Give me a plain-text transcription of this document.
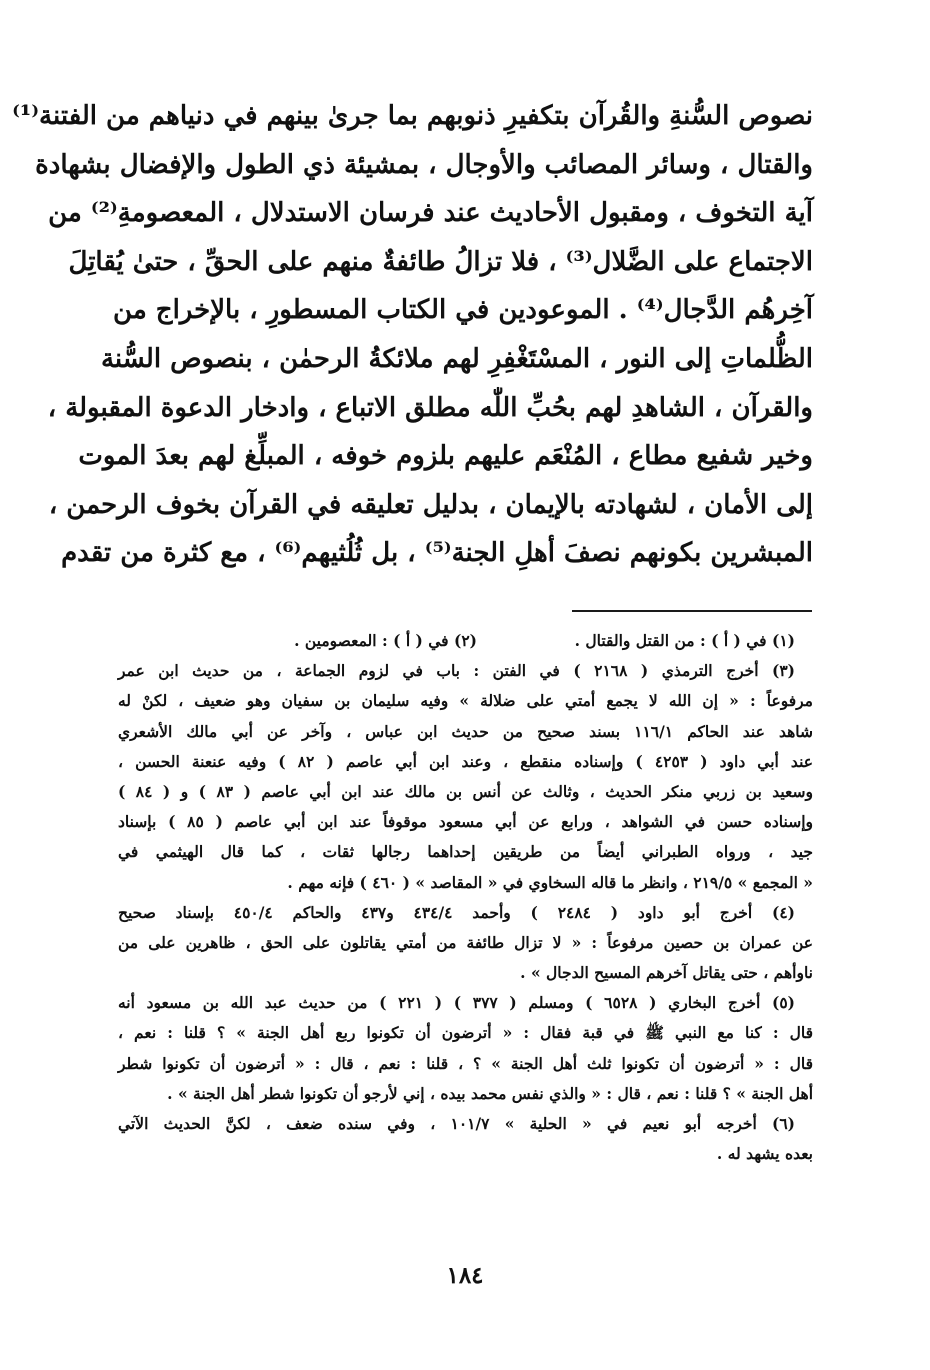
نصوص السُّنةِ والقُرآن بتكفيرِ ذنوبهم بما جرىٰ بينهم في دنياهم من الفتنة⁽¹⁾
والقتال ، وسائر المصائب والأوجال ، بمشيئة ذي الطول والإفضال بشهادة
آية التخوف ، ومقبول الأحاديث عند فرسان الاستدلال ، المعصومةِ⁽²⁾ من
الاجتماع على الضَّلال⁽³⁾ ، فلا تزالُ طائفةٌ منهم على الحقِّ ، حتىٰ يُقاتِلَ
آخِرهُم الدَّجال⁽⁴⁾ . الموعودين في الكتاب المسطورِ ، بالإخراج من
الظُّلماتِ إلى النور ، المسْتَغْفِرِ لهم ملائكةُ الرحمٰن ، بنصوص السُّنة
والقرآن ، الشاهدِ لهم بحُبِّ اللّٰه مطلق الاتباع ، وادخار الدعوة المقبولة ،
وخير شفيع مطاع ، المُنْعَم عليهم بلزوم خوفه ، المبلِّغ لهم بعدَ الموت
إلى الأمان ، لشهادته بالإيمان ، بدليل تعليقه في القرآن بخوف الرحمن ،
المبشرين بكونهم نصفَ أهلِ الجنة⁽⁵⁾ ، بل ثُلُثيهم⁽⁶⁾ ، مع كثرة من تقدم
(١) في ( أ ) : من القتل والقتال .
(٢) في ( أ ) : المعصومين .
(٣) أخرج الترمذي ( ٢١٦٨ ) في الفتن : باب في لزوم الجماعة ، من حديث ابن عمر
مرفوعاً : « إن الله لا يجمع أمتي على ضلالة » وفيه سليمان بن سفيان وهو ضعيف ، لكنْ له
شاهد عند الحاكم ١١٦/١ بسند صحيح من حديث ابن عباس ، وآخر عن أبي مالك الأشعري
عند أبي داود ( ٤٢٥٣ ) وإسناده منقطع ، وعند ابن أبي عاصم ( ٨٢ ) وفيه عنعنة الحسن ،
وسعيد بن زربي منكر الحديث ، وثالث عن أنس بن مالك عند ابن أبي عاصم ( ٨٣ ) و ( ٨٤ )
وإسناده حسن في الشواهد ، ورابع عن أبي مسعود موقوفاً عند ابن أبي عاصم ( ٨٥ ) بإسناد
جيد ، ورواه الطبراني أيضاً من طريقين إحداهما رجالها ثقات ، كما قال الهيثمي في
« المجمع » ٢١٩/٥ ، وانظر ما قاله السخاوي في « المقاصد » ( ٤٦٠ ) فإنه مهم .
(٤) أخرج أبو داود ( ٢٤٨٤ ) وأحمد ٤٣٤/٤ و٤٣٧ والحاكم ٤٥٠/٤ بإسناد صحيح
عن عمران بن حصين مرفوعاً : « لا تزال طائفة من أمتي يقاتلون على الحق ، ظاهرين على من
ناوأهم ، حتى يقاتل آخرهم المسيح الدجال » .
(٥) أخرج البخاري ( ٦٥٢٨ ) ومسلم ( ٣٧٧ ) ( ٢٢١ ) من حديث عبد الله بن مسعود أنه
قال : كنا مع النبي ﷺ في قبة فقال : « أترضون أن تكونوا ربع أهل الجنة » ؟ قلنا : نعم ،
قال : « أترضون أن تكونوا ثلث أهل الجنة » ؟ ، قلنا : نعم ، قال : « أترضون أن تكونوا شطر
أهل الجنة » ؟ قلنا : نعم ، قال : « والذي نفس محمد بيده ، إني لأرجو أن تكونوا شطر أهل الجنة » .
(٦) أخرجه أبو نعيم في « الحلية » ١٠١/٧ ، وفي سنده ضعف ، لكنَّ الحديث الآتي
بعده يشهد له .
١٨٤
